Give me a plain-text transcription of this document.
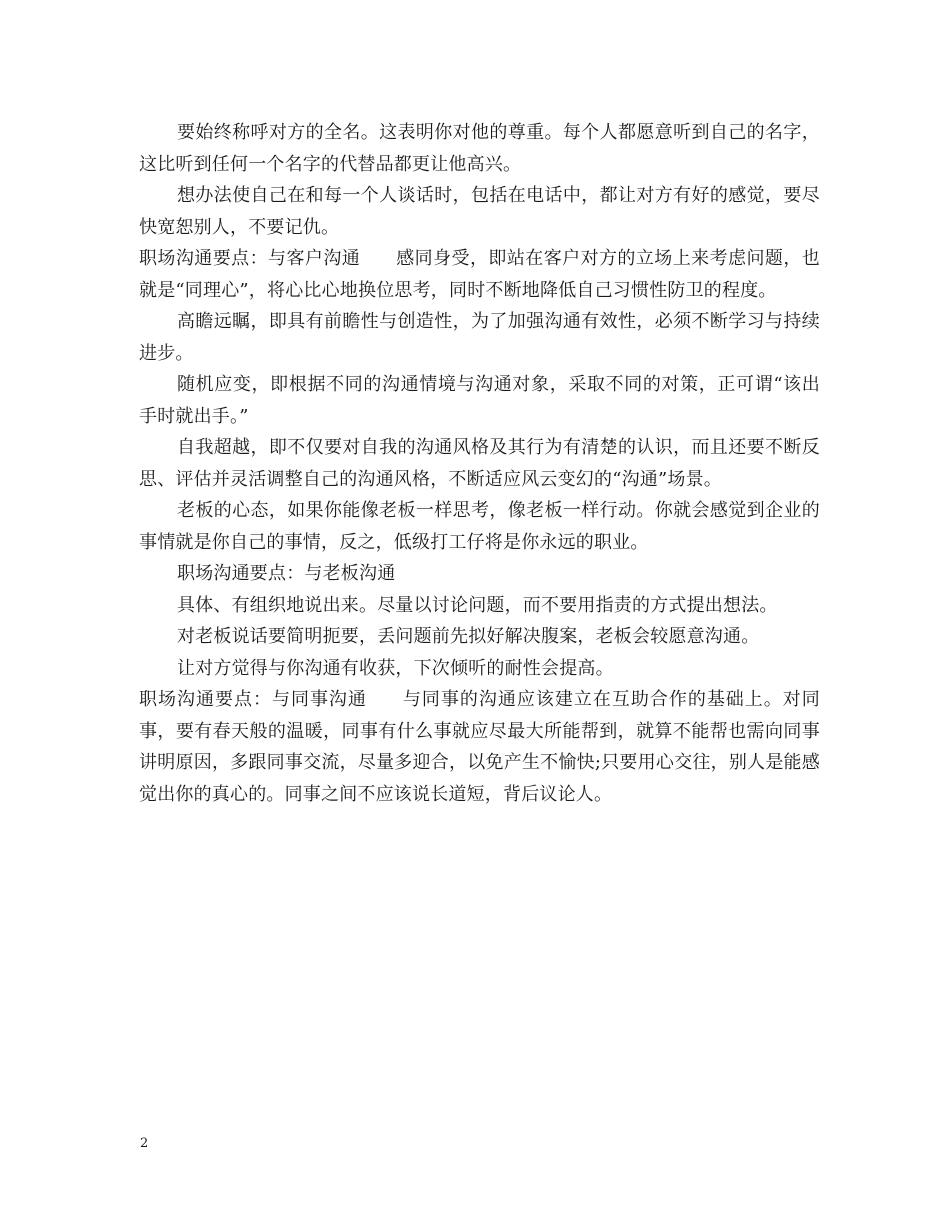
要始终称呼对方的全名。这表明你对他的尊重。每个人都愿意听到自己的名字，这比听到任何一个名字的代替品都更让他高兴。

想办法使自己在和每一个人谈话时，包括在电话中，都让对方有好的感觉，要尽快宽恕别人，不要记仇。

职场沟通要点：与客户沟通 感同身受，即站在客户对方的立场上来考虑问题，也就是“同理心”，将心比心地换位思考，同时不断地降低自己习惯性防卫的程度。

高瞻远瞩，即具有前瞻性与创造性，为了加强沟通有效性，必须不断学习与持续进步。

随机应变，即根据不同的沟通情境与沟通对象，采取不同的对策，正可谓“该出手时就出手。”

自我超越，即不仅要对自我的沟通风格及其行为有清楚的认识，而且还要不断反思、评估并灵活调整自己的沟通风格，不断适应风云变幻的“沟通”场景。

老板的心态，如果你能像老板一样思考，像老板一样行动。你就会感觉到企业的事情就是你自己的事情，反之，低级打工仔将是你永远的职业。

职场沟通要点：与老板沟通

具体、有组织地说出来。尽量以讨论问题，而不要用指责的方式提出想法。

对老板说话要简明扼要，丢问题前先拟好解决腹案，老板会较愿意沟通。

让对方觉得与你沟通有收获，下次倾听的耐性会提高。

职场沟通要点：与同事沟通 与同事的沟通应该建立在互助合作的基础上。对同事，要有春天般的温暖，同事有什么事就应尽最大所能帮到，就算不能帮也需向同事讲明原因，多跟同事交流，尽量多迎合，以免产生不愉快;只要用心交往，别人是能感觉出你的真心的。同事之间不应该说长道短，背后议论人。

2
